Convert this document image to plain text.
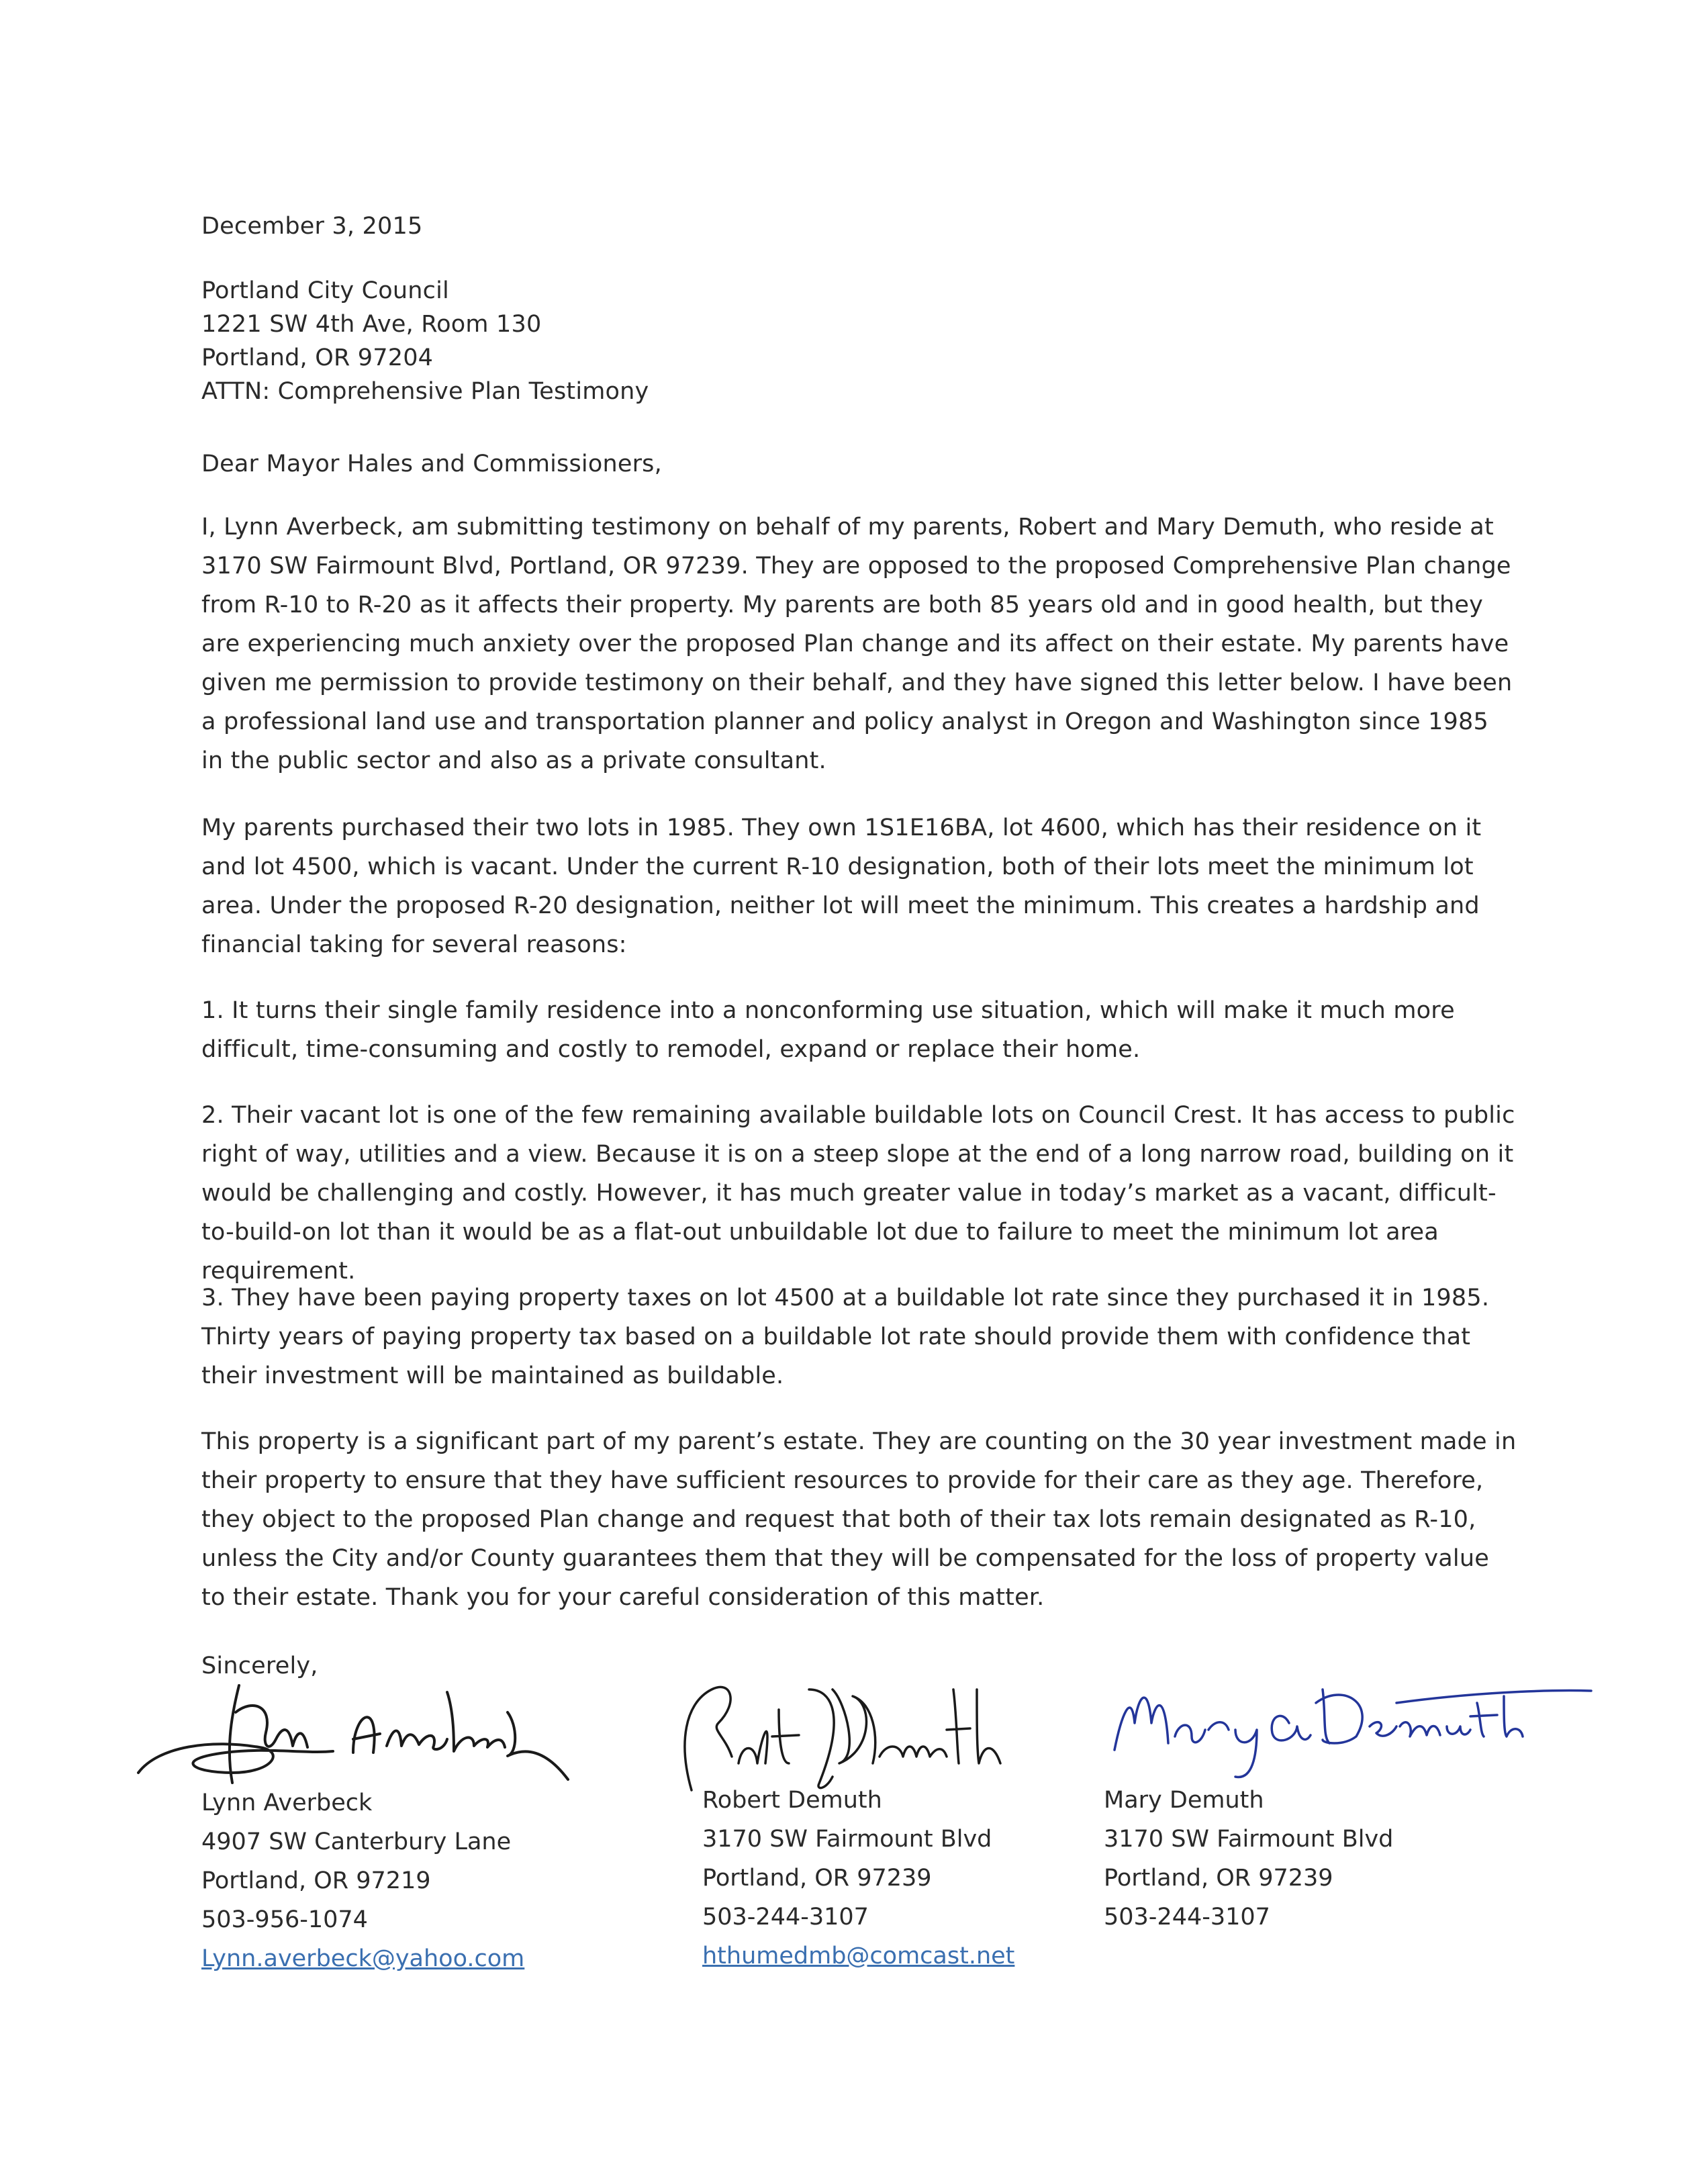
December 3, 2015
Portland City Council
1221 SW 4th Ave, Room 130
Portland, OR 97204
ATTN: Comprehensive Plan Testimony
Dear Mayor Hales and Commissioners,
I, Lynn Averbeck, am submitting testimony on behalf of my parents, Robert and Mary Demuth, who reside at 3170 SW Fairmount Blvd, Portland, OR 97239. They are opposed to the proposed Comprehensive Plan change from R-10 to R-20 as it affects their property. My parents are both 85 years old and in good health, but they are experiencing much anxiety over the proposed Plan change and its affect on their estate. My parents have given me permission to provide testimony on their behalf, and they have signed this letter below. I have been a professional land use and transportation planner and policy analyst in Oregon and Washington since 1985 in the public sector and also as a private consultant.
My parents purchased their two lots in 1985. They own 1S1E16BA, lot 4600, which has their residence on it and lot 4500, which is vacant. Under the current R-10 designation, both of their lots meet the minimum lot area. Under the proposed R-20 designation, neither lot will meet the minimum. This creates a hardship and financial taking for several reasons:
1. It turns their single family residence into a nonconforming use situation, which will make it much more difficult, time-consuming and costly to remodel, expand or replace their home.
2. Their vacant lot is one of the few remaining available buildable lots on Council Crest. It has access to public right of way, utilities and a view. Because it is on a steep slope at the end of a long narrow road, building on it would be challenging and costly. However, it has much greater value in today’s market as a vacant, difficult-to-build-on lot than it would be as a flat-out unbuildable lot due to failure to meet the minimum lot area requirement.
3. They have been paying property taxes on lot 4500 at a buildable lot rate since they purchased it in 1985. Thirty years of paying property tax based on a buildable lot rate should provide them with confidence that their investment will be maintained as buildable.
This property is a significant part of my parent’s estate. They are counting on the 30 year investment made in their property to ensure that they have sufficient resources to provide for their care as they age. Therefore, they object to the proposed Plan change and request that both of their tax lots remain designated as R-10, unless the City and/or County guarantees them that they will be compensated for the loss of property value to their estate. Thank you for your careful consideration of this matter.
Sincerely,
Lynn Averbeck
4907 SW Canterbury Lane
Portland, OR 97219
503-956-1074
Lynn.averbeck@yahoo.com
Robert Demuth
3170 SW Fairmount Blvd
Portland, OR 97239
503-244-3107
hthumedmb@comcast.net
Mary Demuth
3170 SW Fairmount Blvd
Portland, OR 97239
503-244-3107
